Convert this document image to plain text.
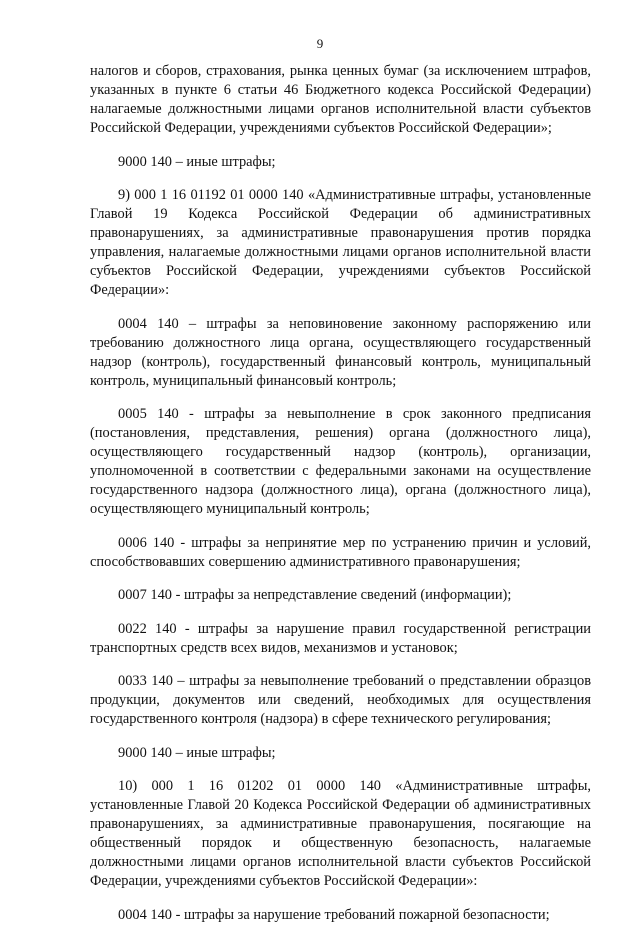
9

налогов и сборов, страхования, рынка ценных бумаг (за исключением штрафов, указанных в пункте 6 статьи 46 Бюджетного кодекса Российской Федерации) налагаемые должностными лицами органов исполнительной власти субъектов Российской Федерации, учреждениями субъектов Российской Федерации»;

9000 140 – иные штрафы;

9) 000 1 16 01192 01 0000 140 «Административные штрафы, установленные Главой 19 Кодекса Российской Федерации об административных правонарушениях, за административные правонарушения против порядка управления, налагаемые должностными лицами органов исполнительной власти субъектов Российской Федерации, учреждениями субъектов Российской Федерации»:

0004 140 – штрафы за неповиновение законному распоряжению или требованию должностного лица органа, осуществляющего государственный надзор (контроль), государственный финансовый контроль, муниципальный контроль, муниципальный финансовый контроль;

0005 140 - штрафы за невыполнение в срок законного предписания (постановления, представления, решения) органа (должностного лица), осуществляющего государственный надзор (контроль), организации, уполномоченной в соответствии с федеральными законами на осуществление государственного надзора (должностного лица), органа (должностного лица), осуществляющего муниципальный контроль;

0006 140 - штрафы за непринятие мер по устранению причин и условий, способствовавших совершению административного правонарушения;

0007 140 - штрафы за непредставление сведений (информации);

0022 140 - штрафы за нарушение правил государственной регистрации транспортных средств всех видов, механизмов и установок;

0033 140 – штрафы за невыполнение требований о представлении образцов продукции, документов или сведений, необходимых для осуществления государственного контроля (надзора) в сфере технического регулирования;

9000 140 – иные штрафы;

10) 000 1 16 01202 01 0000 140 «Административные штрафы, установленные Главой 20 Кодекса Российской Федерации об административных правонарушениях, за административные правонарушения, посягающие на общественный порядок и общественную безопасность, налагаемые должностными лицами органов исполнительной власти субъектов Российской Федерации, учреждениями субъектов Российской Федерации»:

0004 140 - штрафы за нарушение требований пожарной безопасности;
